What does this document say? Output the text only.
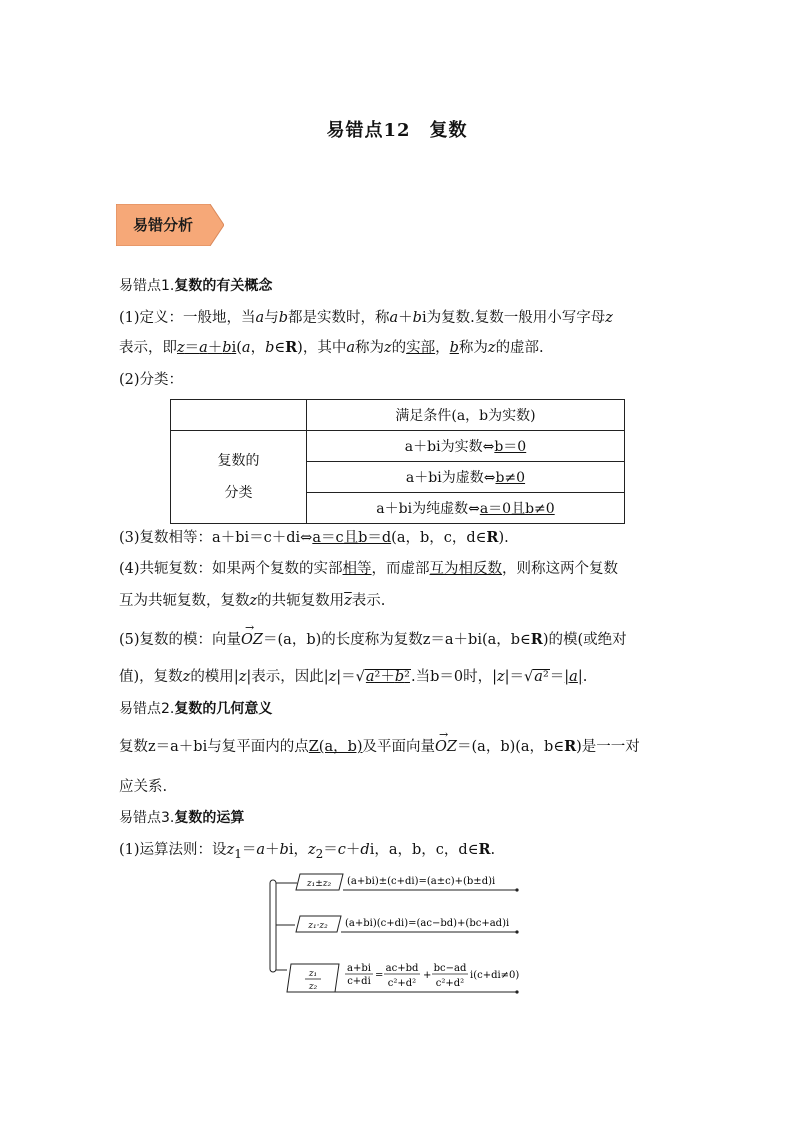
易错点12　复数
易错分析
易错点1.复数的有关概念
(1)定义：一般地，当a与b都是实数时，称a＋bi为复数.复数一般用小写字母z
表示，即z＝a＋bi(a，b∈R)，其中a称为z的实部，b称为z的虚部.
(2)分类：
	满足条件(a，b为实数)

复数的
分类	a＋bi为实数⇔b＝0
	a＋bi为虚数⇔b≠0
	a＋bi为纯虚数⇔a＝0且b≠0
(3)复数相等：a＋bi＝c＋di⇔a＝c且b＝d(a，b，c，d∈R).
(4)共轭复数：如果两个复数的实部相等，而虚部互为相反数，则称这两个复数
互为共轭复数，复数z的共轭复数用$\overline{z}$表示.
(5)复数的模：向量→ OZ＝(a，b)的长度称为复数z＝a＋bi(a，b∈R)的模(或绝对
值)，复数z的模用|z|表示，因此|z|＝√a²＋b².当b＝0时，|z|＝√a²＝|a|.
易错点2.复数的几何意义
复数z＝a＋bi与复平面内的点Z(a，b)及平面向量→ OZ＝(a，b)(a，b∈R)是一一对
应关系.
易错点3.复数的运算
(1)运算法则：设$z_1=a+bi$，$z_2=c+di$，a，b，c，d∈R.
z₁±z₂ (a+bi)±(c+di)=(a±c)+(b±d)i
z₁·z₂ (a+bi)(c+di)=(ac−bd)+(bc+ad)i
z₁
z₂
a+bi
c+di
=
ac+bd
c²+d²
+
bc−ad
c²+d²
i(c+di≠0)
